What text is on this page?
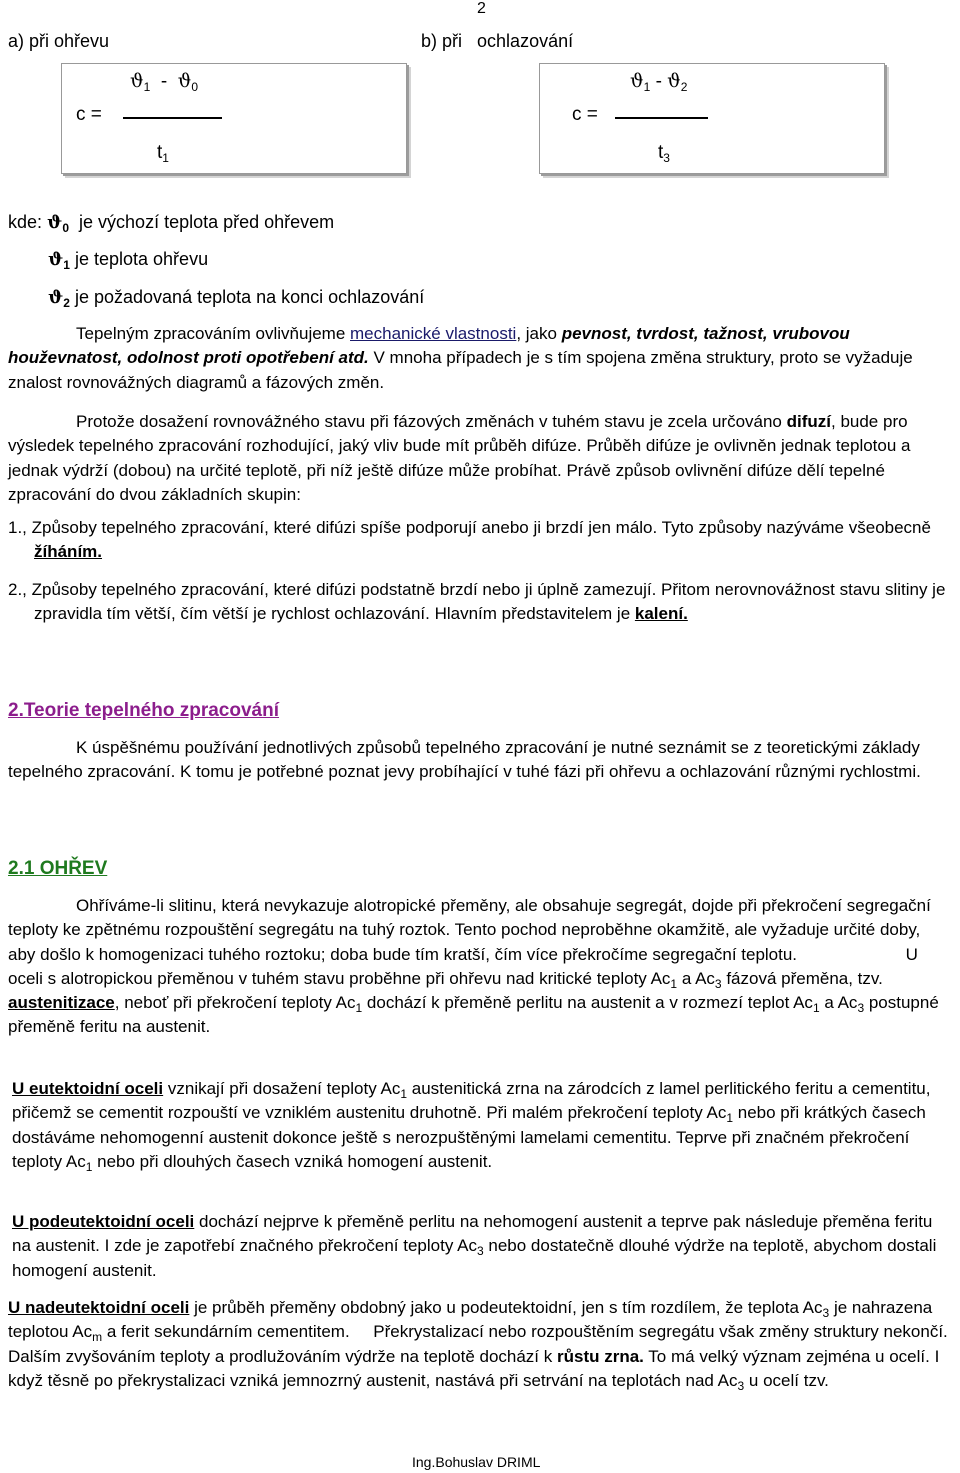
2
a) při ohřevu	b) při ochlazování
$ϑ_1 - ϑ_0$
c =
$t_1$
$ϑ_1 - ϑ_2$
c =
$t_3$
kde: $ϑ_0$ je výchozí teplota před ohřevem
$ϑ_1$ je teplota ohřevu
$ϑ_2$ je požadovaná teplota na konci ochlazování
Tepelným zpracováním ovlivňujeme mechanické vlastnosti, jako pevnost, tvrdost, tažnost, vrubovou houževnatost, odolnost proti opotřebení atd. V mnoha případech je s tím spojena změna struktury, proto se vyžaduje znalost rovnovážných diagramů a fázových změn.
Protože dosažení rovnovážného stavu při fázových změnách v tuhém stavu je zcela určováno difuzí, bude pro výsledek tepelného zpracování rozhodující, jaký vliv bude mít průběh difúze. Průběh difúze je ovlivněn jednak teplotou a jednak výdrží (dobou) na určité teplotě, při níž ještě difúze může probíhat. Právě způsob ovlivnění difúze dělí tepelné zpracování do dvou základních skupin:
1., Způsoby tepelného zpracování, které difúzi spíše podporují anebo ji brzdí jen málo. Tyto způsoby nazýváme všeobecně žíháním.
2., Způsoby tepelného zpracování, které difúzi podstatně brzdí nebo ji úplně zamezují. Přitom nerovnovážnost stavu slitiny je zpravidla tím větší, čím větší je rychlost ochlazování. Hlavním představitelem je kalení.
2.Teorie tepelného zpracování
K úspěšnému používání jednotlivých způsobů tepelného zpracování je nutné seznámit se z teoretickými základy tepelného zpracování. K tomu je potřebné poznat jevy probíhající v tuhé fázi při ohřevu a ochlazování různými rychlostmi.
2.1 OHŘEV
Ohříváme-li slitinu, která nevykazuje alotropické přeměny, ale obsahuje segregát, dojde při překročení segregační teploty ke zpětnému rozpouštění segregátu na tuhý roztok. Tento pochod neproběhne okamžitě, ale vyžaduje určité doby, aby došlo k homogenizaci tuhého roztoku; doba bude tím kratší, čím více překročíme segregační teplotu.	U oceli s alotropickou přeměnou v tuhém stavu proběhne při ohřevu nad kritické teploty $Ac_1$ a $Ac_3$ fázová přeměna, tzv. austenitizace, neboť při překročení teploty $Ac_1$ dochází k přeměně perlitu na austenit a v rozmezí teplot $Ac_1$ a $Ac_3$ postupné přeměně feritu na austenit.
U eutektoidní oceli vznikají při dosažení teploty $Ac_1$ austenitická zrna na zárodcích z lamel perlitického feritu a cementitu, přičemž se cementit rozpouští ve vzniklém austenitu druhotně. Při malém překročení teploty $Ac_1$ nebo při krátkých časech dostáváme nehomogenní austenit dokonce ještě s nerozpuštěnými lamelami cementitu. Teprve při značném překročení teploty $Ac_1$ nebo při dlouhých časech vzniká homogení austenit.
U podeutektoidní oceli dochází nejprve k přeměně perlitu na nehomogení austenit a teprve pak následuje přeměna feritu na austenit. I zde je zapotřebí značného překročení teploty $Ac_3$ nebo dostatečně dlouhé výdrže na teplotě, abychom dostali homogení austenit.
U nadeutektoidní oceli je průběh přeměny obdobný jako u podeutektoidní, jen s tím rozdílem, že teplota $Ac_3$ je nahrazena teplotou $Ac_m$ a ferit sekundárním cementitem. Překrystalizací nebo rozpouštěním segregátu však změny struktury nekončí. Dalším zvyšováním teploty a prodlužováním výdrže na teplotě dochází k růstu zrna. To má velký význam zejména u ocelí. I když těsně po překrystalizaci vzniká jemnozrný austenit, nastává při setrvání na teplotách nad $Ac_3$ u ocelí tzv.
Ing.Bohuslav DRIML
